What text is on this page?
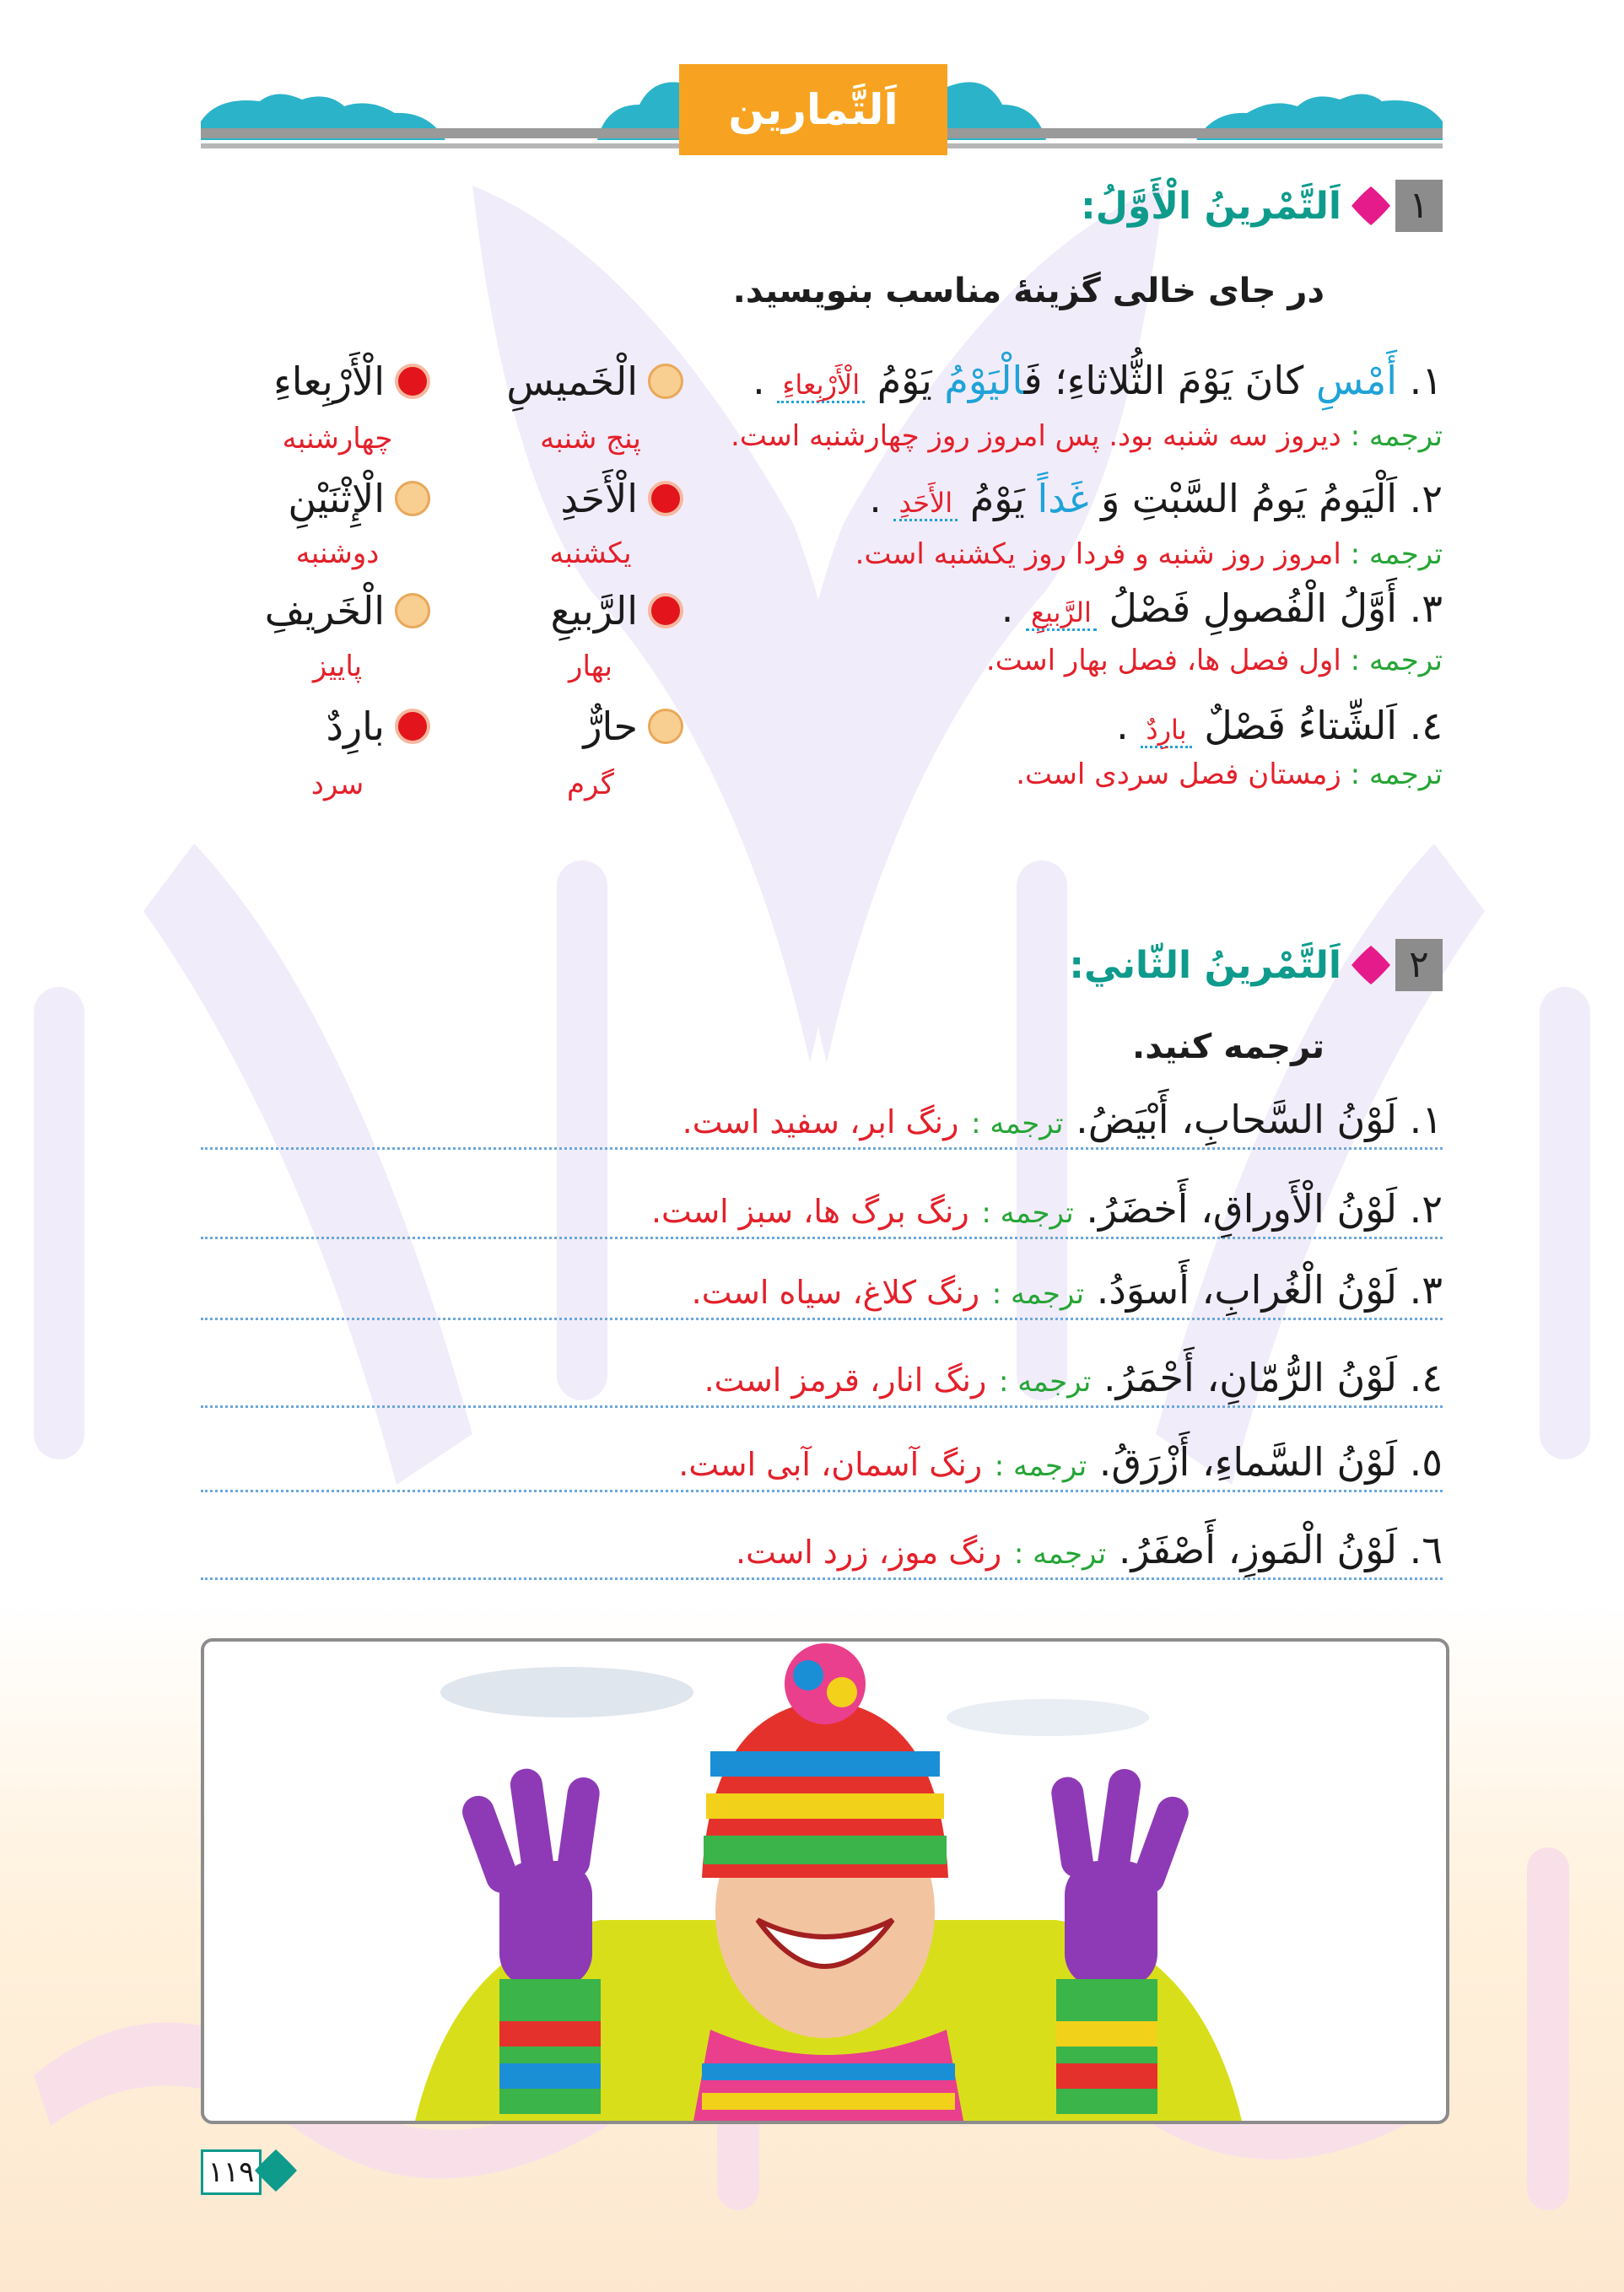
اَلتَّمارین
۱
اَلتَّمْرینُ الْأَوَّلُ:
در جای خالی گزینهٔ مناسب بنویسید.
۱. أَمْسِ كانَ يَوْمَ الثُّلاثاءِ؛ فَالْيَوْمُ يَوْمُ الْأَرْبِعاءِ .
ترجمه : دیروز سه شنبه بود. پس امروز روز چهارشنبه است.
۲. اَلْيَومُ يَومُ السَّبْتِ وَ غَداً يَوْمُ الأَحَدِ .
ترجمه : امروز روز شنبه و فردا روز یکشنبه است.
۳. أَوَّلُ الْفُصولِ فَصْلُ الرَّبيعِ .
ترجمه : اول فصل ها، فصل بهار است.
٤. اَلشِّتاءُ فَصْلٌ بارِدٌ .
ترجمه : زمستان فصل سردی است.
الْخَميسِ
پنج شنبه
الْأَحَدِ
یکشنبه
الرَّبيعِ
بهار
حارٌّ
گرم
الْأَرْبِعاءِ
چهارشنبه
الْإِثْنَيْنِ
دوشنبه
الْخَريفِ
پاییز
بارِدٌ
سرد
۲
اَلتَّمْرينُ الثّاني:
ترجمه کنید.
۱. لَوْنُ السَّحابِ، أَبْيَضُ. ترجمه : رنگ ابر، سفید است.
۲. لَوْنُ الْأَوراقِ، أَخضَرُ. ترجمه : رنگ برگ ها، سبز است.
۳. لَوْنُ الْغُرابِ، أَسوَدُ. ترجمه : رنگ کلاغ، سیاه است.
٤. لَوْنُ الرُّمّانِ، أَحْمَرُ. ترجمه : رنگ انار، قرمز است.
٥. لَوْنُ السَّماءِ، أَزْرَقُ. ترجمه : رنگ آسمان، آبی است.
٦. لَوْنُ الْمَوزِ، أَصْفَرُ. ترجمه : رنگ موز، زرد است.
۱۱۹
